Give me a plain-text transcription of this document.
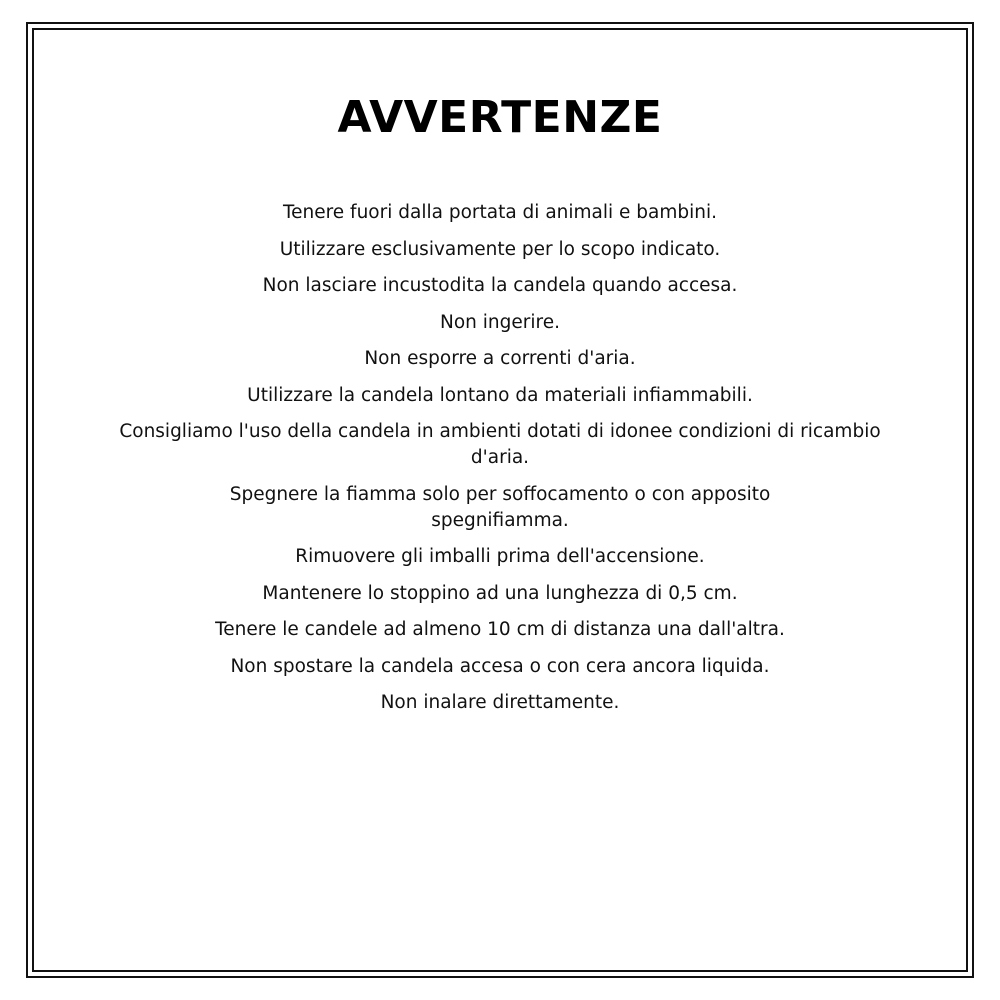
AVVERTENZE
Tenere fuori dalla portata di animali e bambini.
Utilizzare esclusivamente per lo scopo indicato.
Non lasciare incustodita la candela quando accesa.
Non ingerire.
Non esporre a correnti d'aria.
Utilizzare la candela lontano da materiali infiammabili.
Consigliamo l'uso della candela in ambienti dotati di idonee condizioni di ricambio d'aria.
Spegnere la fiamma solo per soffocamento o con apposito spegnifiamma.
Rimuovere gli imballi prima dell'accensione.
Mantenere lo stoppino ad una lunghezza di 0,5 cm.
Tenere le candele ad almeno 10 cm di distanza una dall'altra.
Non spostare la candela accesa o con cera ancora liquida.
Non inalare direttamente.
